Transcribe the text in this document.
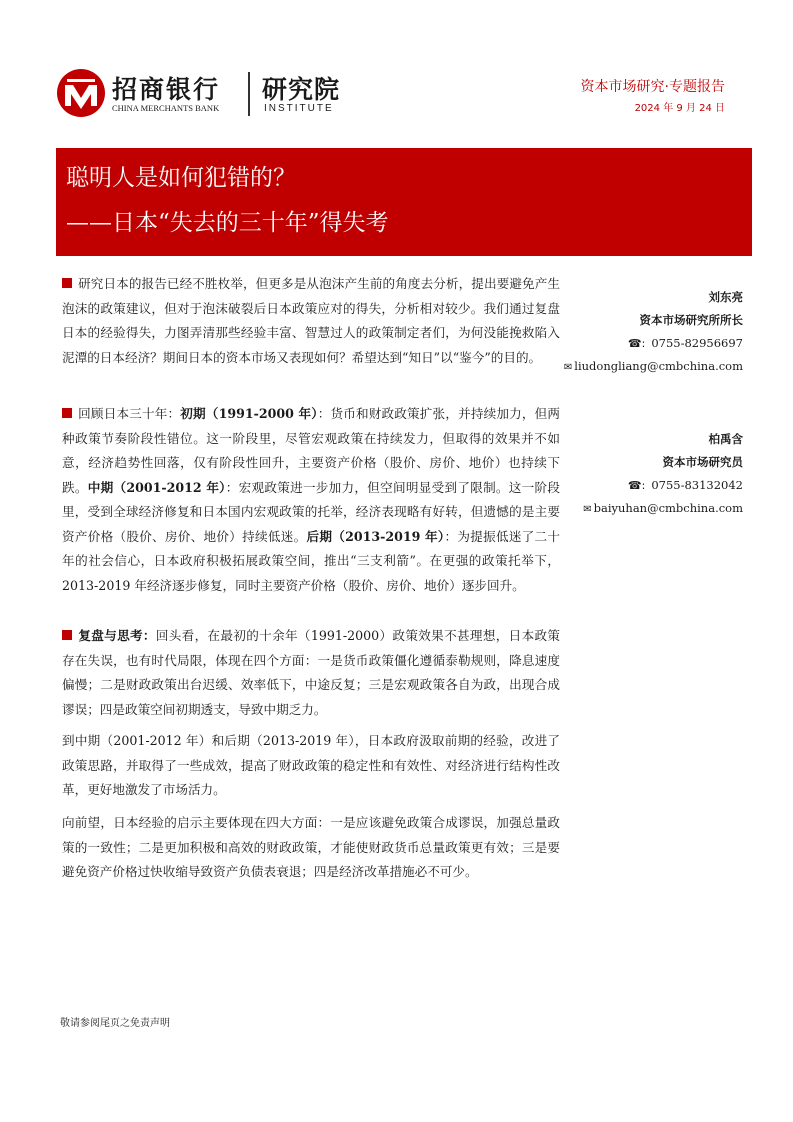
招商银行
CHINA MERCHANTS BANK
研究院
INSTITUTE
资本市场研究·专题报告
2024 年 9 月 24 日
聪明人是如何犯错的？
——日本“失去的三十年”得失考

研究日本的报告已经不胜枚举，但更多是从泡沫产生前的角度去分析，提出要避免产生泡沫的政策建议，但对于泡沫破裂后日本政策应对的得失，分析相对较少。我们通过复盘日本的经验得失，力图弄清那些经验丰富、智慧过人的政策制定者们，为何没能挽救陷入泥潭的日本经济？期间日本的资本市场又表现如何？希望达到“知日”以“鉴今”的目的。

回顾日本三十年：初期（1991-2000 年）：货币和财政政策扩张，并持续加力，但两种政策节奏阶段性错位。这一阶段里，尽管宏观政策在持续发力，但取得的效果并不如意，经济趋势性回落，仅有阶段性回升，主要资产价格（股价、房价、地价）也持续下跌。中期（2001-2012 年）：宏观政策进一步加力，但空间明显受到了限制。这一阶段里，受到全球经济修复和日本国内宏观政策的托举，经济表现略有好转，但遗憾的是主要资产价格（股价、房价、地价）持续低迷。后期（2013-2019 年）：为提振低迷了二十年的社会信心，日本政府积极拓展政策空间，推出“三支利箭”。在更强的政策托举下，2013-2019 年经济逐步修复，同时主要资产价格（股价、房价、地价）逐步回升。

复盘与思考：回头看，在最初的十余年（1991-2000）政策效果不甚理想，日本政策存在失误，也有时代局限，体现在四个方面：一是货币政策僵化遵循泰勒规则，降息速度偏慢；二是财政政策出台迟缓、效率低下，中途反复；三是宏观政策各自为政，出现合成谬误；四是政策空间初期透支，导致中期乏力。

到中期（2001-2012 年）和后期（2013-2019 年），日本政府汲取前期的经验，改进了政策思路，并取得了一些成效，提高了财政政策的稳定性和有效性、对经济进行结构性改革，更好地激发了市场活力。

向前望，日本经验的启示主要体现在四大方面：一是应该避免政策合成谬误，加强总量政策的一致性；二是更加积极和高效的财政政策，才能使财政货币总量政策更有效；三是要避免资产价格过快收缩导致资产负债表衰退；四是经济改革措施必不可少。

刘东亮
资本市场研究所所长
☎: 0755-82956697
✉ liudongliang@cmbchina.com
柏禹含
资本市场研究员
☎: 0755-83132042
✉ baiyuhan@cmbchina.com
敬请参阅尾页之免责声明
